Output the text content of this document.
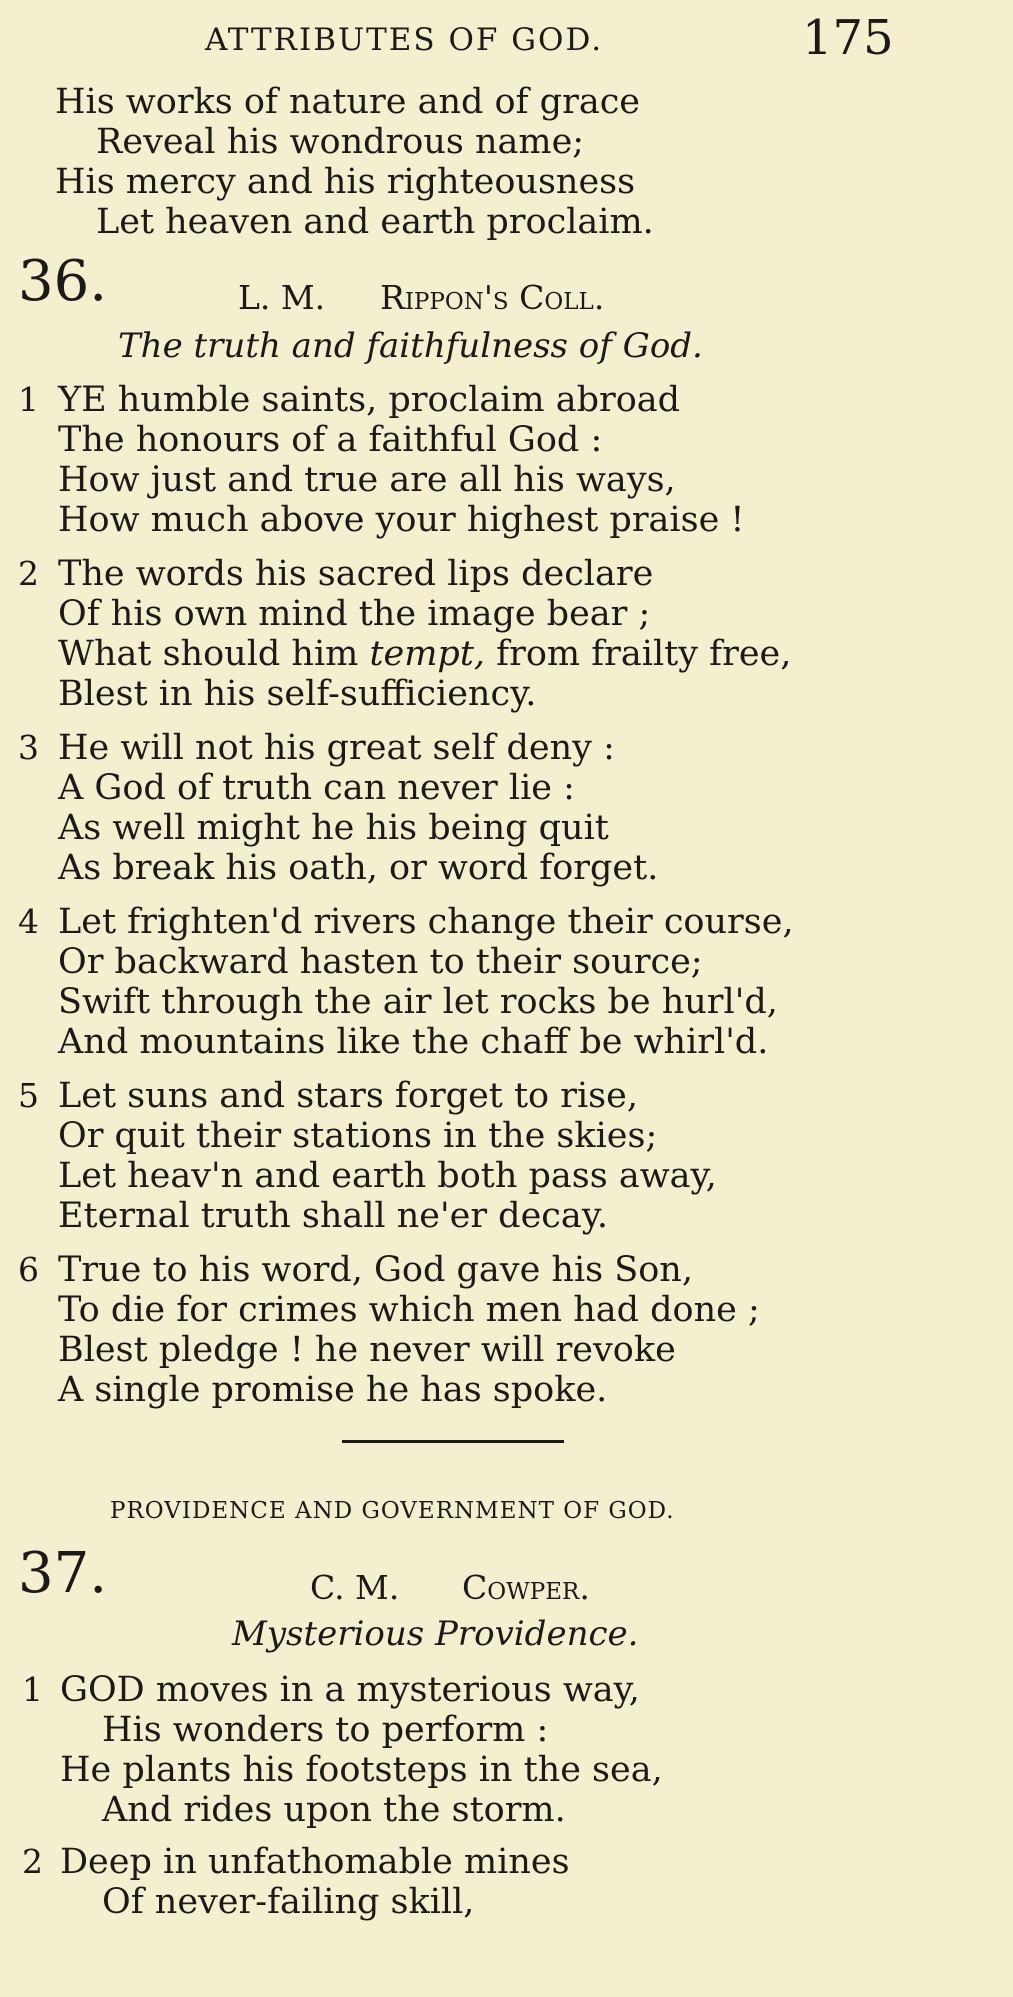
ATTRIBUTES OF GOD.	175
His works of nature and of grace
Reveal his wondrous name;
His mercy and his righteousness
Let heaven and earth proclaim.
36.	L. M. Rippon's Coll.
The truth and faithfulness of God.
1 YE humble saints, proclaim abroad
The honours of a faithful God :
How just and true are all his ways,
How much above your highest praise !
2 The words his sacred lips declare
Of his own mind the image bear ;
What should him tempt, from frailty free,
Blest in his self-sufficiency.
3 He will not his great self deny :
A God of truth can never lie :
As well might he his being quit
As break his oath, or word forget.
4 Let frighten'd rivers change their course,
Or backward hasten to their source;
Swift through the air let rocks be hurl'd,
And mountains like the chaff be whirl'd.
5 Let suns and stars forget to rise,
Or quit their stations in the skies;
Let heav'n and earth both pass away,
Eternal truth shall ne'er decay.
6 True to his word, God gave his Son,
To die for crimes which men had done ;
Blest pledge ! he never will revoke
A single promise he has spoke.
PROVIDENCE AND GOVERNMENT OF GOD.
37.	C. M. Cowper.
Mysterious Providence.
1 GOD moves in a mysterious way,
His wonders to perform :
He plants his footsteps in the sea,
And rides upon the storm.
2 Deep in unfathomable mines
Of never-failing skill,
